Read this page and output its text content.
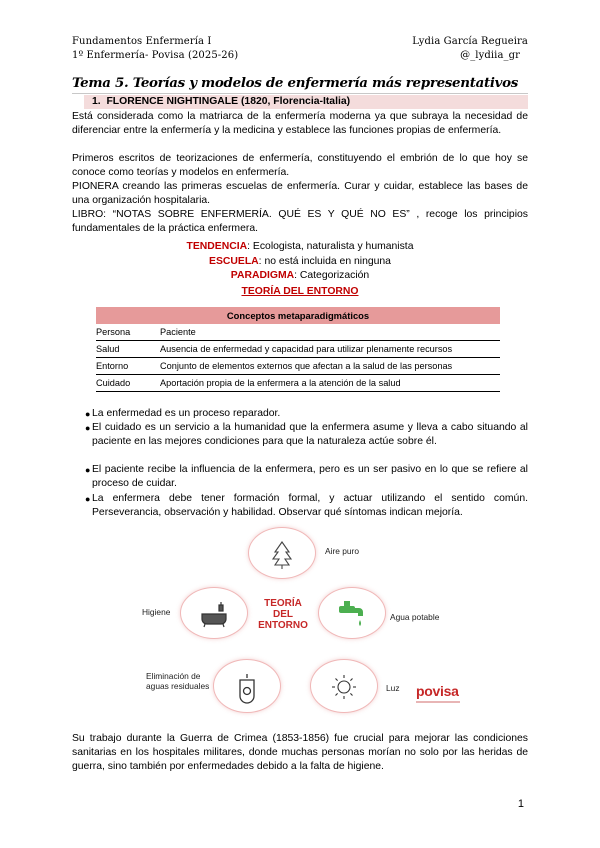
Fundamentos Enfermería I
1º Enfermería- Povisa (2025-26)
Lydia García Regueira
@_lydiia_gr
Tema 5. Teorías y modelos de enfermería más representativos
1. FLORENCE NIGHTINGALE (1820, Florencia-Italia)
Está considerada como la matriarca de la enfermería moderna ya que subraya la necesidad de diferenciar entre la enfermería y la medicina y establece las funciones propias de enfermería.
Primeros escritos de teorizaciones de enfermería, constituyendo el embrión de lo que hoy se conoce como teorías y modelos en enfermería.
PIONERA creando las primeras escuelas de enfermería. Curar y cuidar, establece las bases de una organización hospitalaria.
LIBRO: “NOTAS SOBRE ENFERMERÍA. QUÉ ES Y QUÉ NO ES” , recoge los principios fundamentales de la práctica enfermera.
TENDENCIA: Ecologista, naturalista y humanista
ESCUELA: no está incluida en ninguna
PARADIGMA: Categorización
TEORÍA DEL ENTORNO
Conceptos metaparadigmáticos	
Persona	Paciente
Salud	Ausencia de enfermedad y capacidad para utilizar plenamente recursos
Entorno	Conjunto de elementos externos que afectan a la salud de las personas
Cuidado	Aportación propia de la enfermera a la atención de la salud
● La enfermedad es un proceso reparador.
● El cuidado es un servicio a la humanidad que la enfermera asume y lleva a cabo situando al paciente en las mejores condiciones para que la naturaleza actúe sobre él.
● El paciente recibe la influencia de la enfermera, pero es un ser pasivo en lo que se refiere al proceso de cuidar.
● La enfermera debe tener formación formal, y actuar utilizando el sentido común. Perseverancia, observación y habilidad. Observar qué síntomas indican mejoría.
TEORÍA
DEL
ENTORNO
Aire puro
Higiene	Agua potable
Eliminación de aguas residuales	Luz povisa
Su trabajo durante la Guerra de Crimea (1853-1856) fue crucial para mejorar las condiciones sanitarias en los hospitales militares, donde muchas personas morían no solo por las heridas de guerra, sino también por enfermedades debido a la falta de higiene.
1
